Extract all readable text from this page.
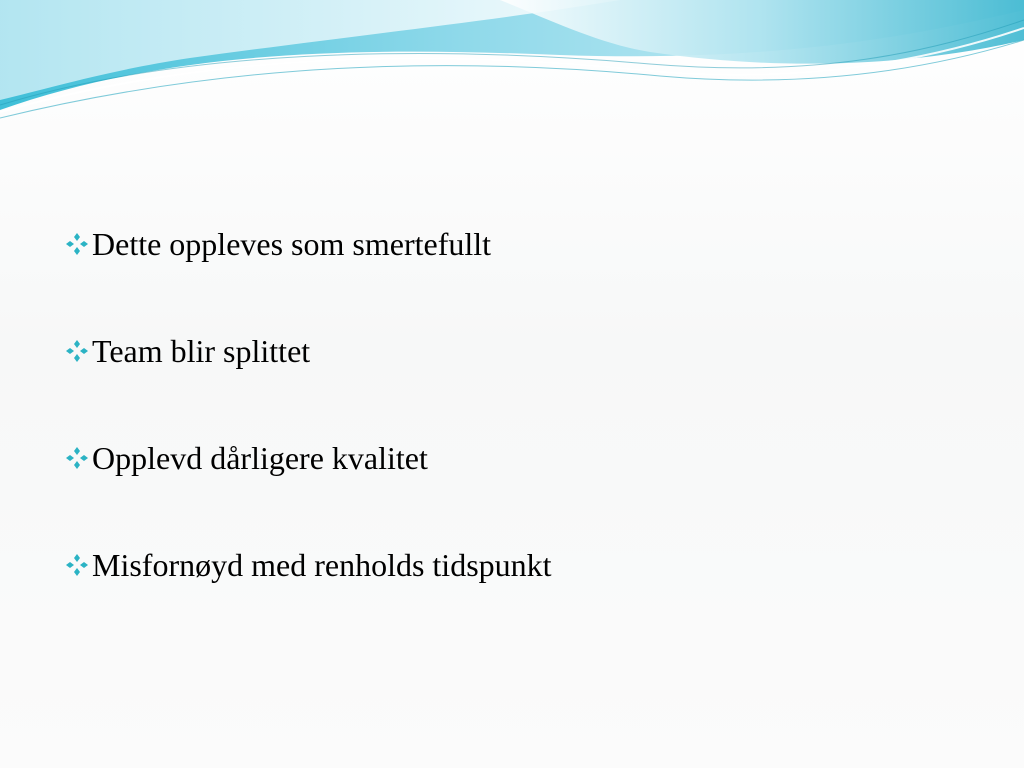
Dette oppleves som smertefullt
Team blir splittet
Opplevd dårligere kvalitet
Misfornøyd med renholds tidspunkt
